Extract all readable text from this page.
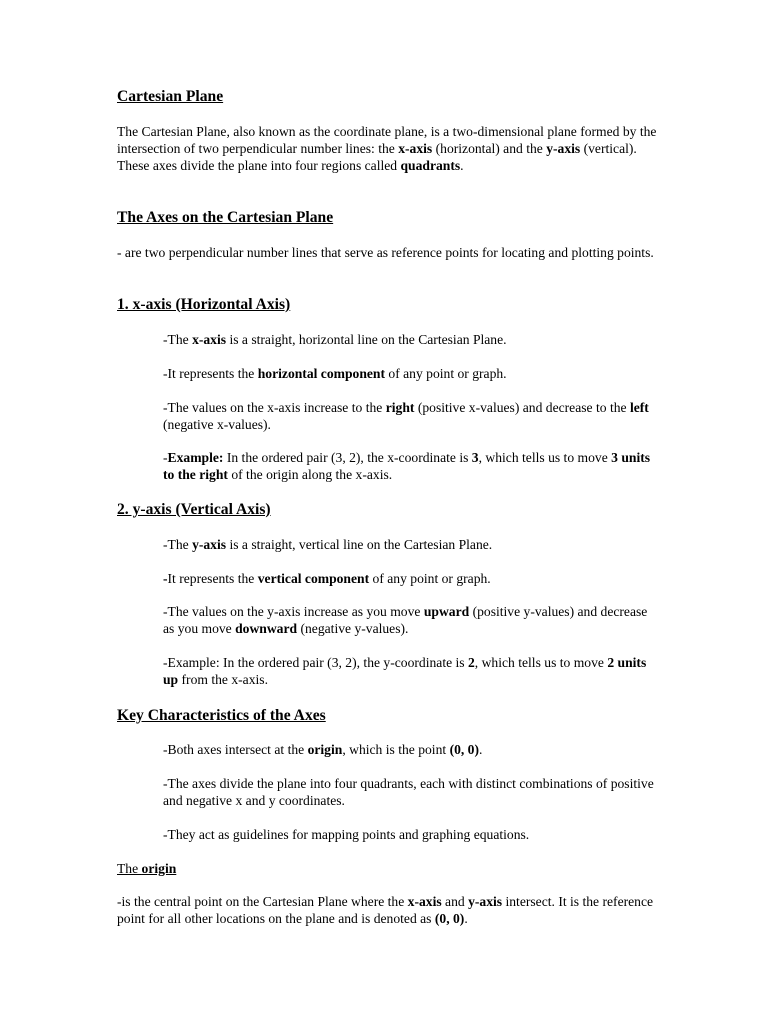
Cartesian Plane

The Cartesian Plane, also known as the coordinate plane, is a two-dimensional plane formed by the intersection of two perpendicular number lines: the x-axis (horizontal) and the y-axis (vertical). These axes divide the plane into four regions called quadrants.

The Axes on the Cartesian Plane

- are two perpendicular number lines that serve as reference points for locating and plotting points.

1. x-axis (Horizontal Axis)

-The x-axis is a straight, horizontal line on the Cartesian Plane.

-It represents the horizontal component of any point or graph.

-The values on the x-axis increase to the right (positive x-values) and decrease to the left (negative x-values).

-Example: In the ordered pair (3, 2), the x-coordinate is 3, which tells us to move 3 units to the right of the origin along the x-axis.

2. y-axis (Vertical Axis)

-The y-axis is a straight, vertical line on the Cartesian Plane.

-It represents the vertical component of any point or graph.

-The values on the y-axis increase as you move upward (positive y-values) and decrease as you move downward (negative y-values).

-Example: In the ordered pair (3, 2), the y-coordinate is 2, which tells us to move 2 units up from the x-axis.

Key Characteristics of the Axes

-Both axes intersect at the origin, which is the point (0, 0).

-The axes divide the plane into four quadrants, each with distinct combinations of positive and negative x and y coordinates.

-They act as guidelines for mapping points and graphing equations.

The origin

-is the central point on the Cartesian Plane where the x-axis and y-axis intersect. It is the reference point for all other locations on the plane and is denoted as (0, 0).
